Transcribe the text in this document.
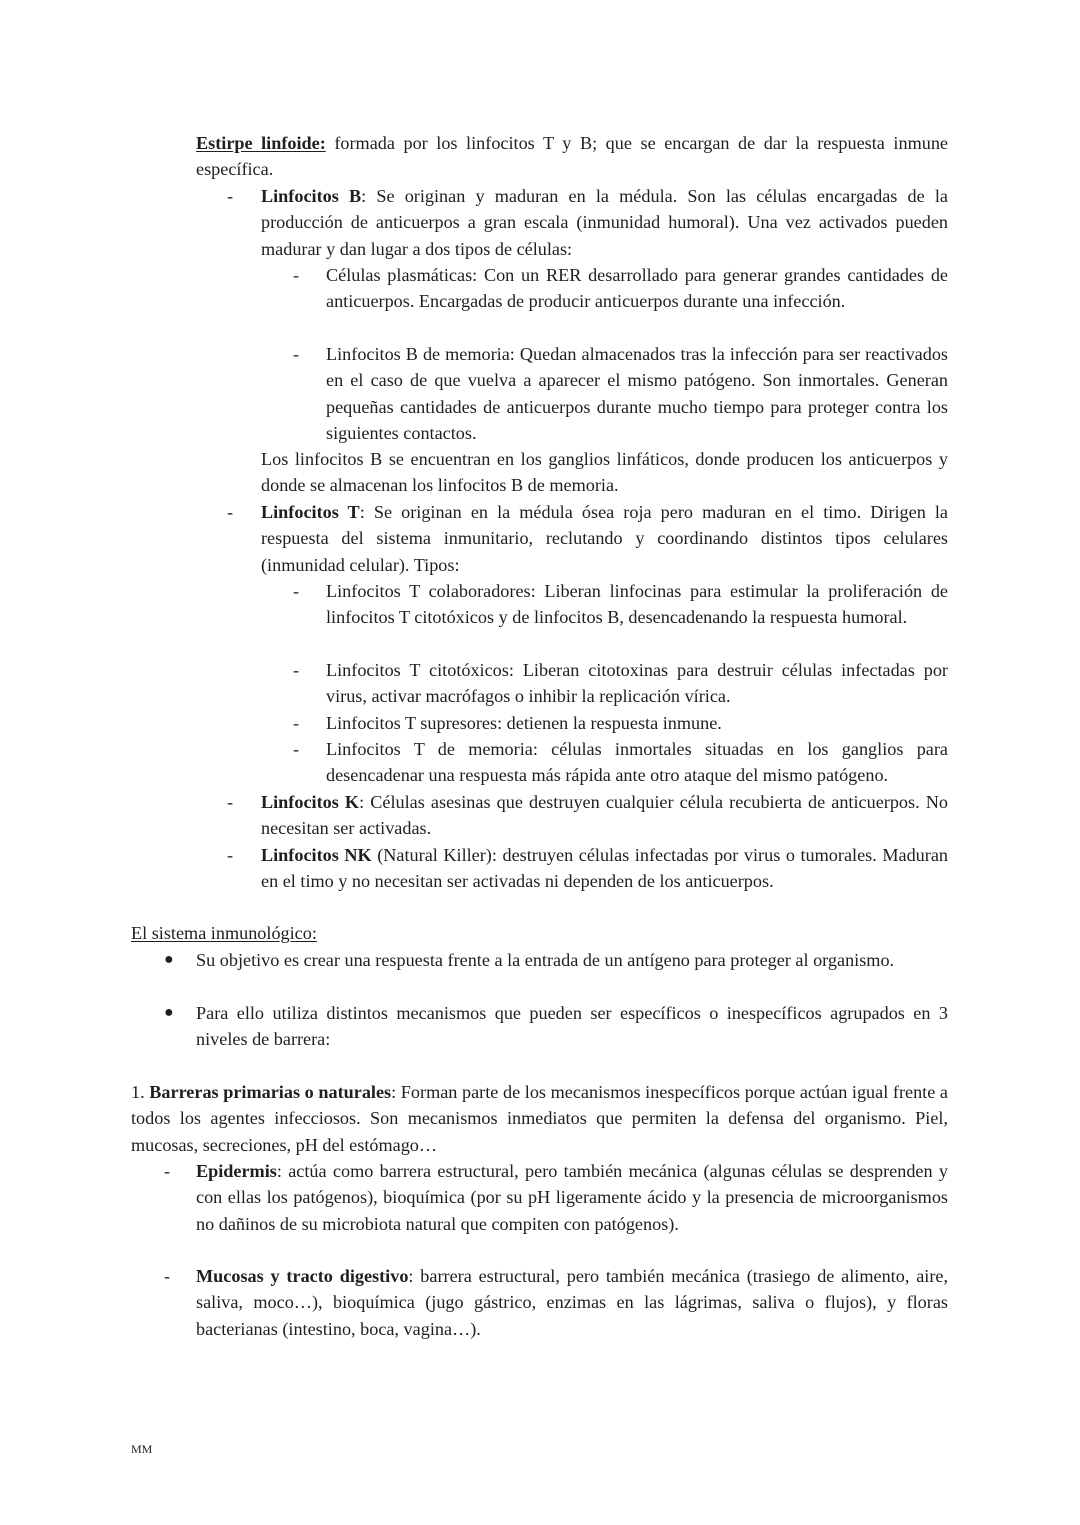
Estirpe linfoide: formada por los linfocitos T y B; que se encargan de dar la respuesta inmune específica.
- Linfocitos B: Se originan y maduran en la médula. Son las células encargadas de la producción de anticuerpos a gran escala (inmunidad humoral). Una vez activados pueden madurar y dan lugar a dos tipos de células:
- Células plasmáticas: Con un RER desarrollado para generar grandes cantidades de anticuerpos. Encargadas de producir anticuerpos durante una infección.
- Linfocitos B de memoria: Quedan almacenados tras la infección para ser reactivados en el caso de que vuelva a aparecer el mismo patógeno. Son inmortales. Generan pequeñas cantidades de anticuerpos durante mucho tiempo para proteger contra los siguientes contactos.
Los linfocitos B se encuentran en los ganglios linfáticos, donde producen los anticuerpos y donde se almacenan los linfocitos B de memoria.
- Linfocitos T: Se originan en la médula ósea roja pero maduran en el timo. Dirigen la respuesta del sistema inmunitario, reclutando y coordinando distintos tipos celulares (inmunidad celular). Tipos:
- Linfocitos T colaboradores: Liberan linfocinas para estimular la proliferación de linfocitos T citotóxicos y de linfocitos B, desencadenando la respuesta humoral.
- Linfocitos T citotóxicos: Liberan citotoxinas para destruir células infectadas por virus, activar macrófagos o inhibir la replicación vírica.
- Linfocitos T supresores: detienen la respuesta inmune.
- Linfocitos T de memoria: células inmortales situadas en los ganglios para desencadenar una respuesta más rápida ante otro ataque del mismo patógeno.
- Linfocitos K: Células asesinas que destruyen cualquier célula recubierta de anticuerpos. No necesitan ser activadas.
- Linfocitos NK (Natural Killer): destruyen células infectadas por virus o tumorales. Maduran en el timo y no necesitan ser activadas ni dependen de los anticuerpos.
El sistema inmunológico:
● Su objetivo es crear una respuesta frente a la entrada de un antígeno para proteger al organismo.
● Para ello utiliza distintos mecanismos que pueden ser específicos o inespecíficos agrupados en 3 niveles de barrera:
1. Barreras primarias o naturales: Forman parte de los mecanismos inespecíficos porque actúan igual frente a todos los agentes infecciosos. Son mecanismos inmediatos que permiten la defensa del organismo. Piel, mucosas, secreciones, pH del estómago…
- Epidermis: actúa como barrera estructural, pero también mecánica (algunas células se desprenden y con ellas los patógenos), bioquímica (por su pH ligeramente ácido y la presencia de microorganismos no dañinos de su microbiota natural que compiten con patógenos).
- Mucosas y tracto digestivo: barrera estructural, pero también mecánica (trasiego de alimento, aire, saliva, moco…), bioquímica (jugo gástrico, enzimas en las lágrimas, saliva o flujos), y floras bacterianas (intestino, boca, vagina…).
MM
